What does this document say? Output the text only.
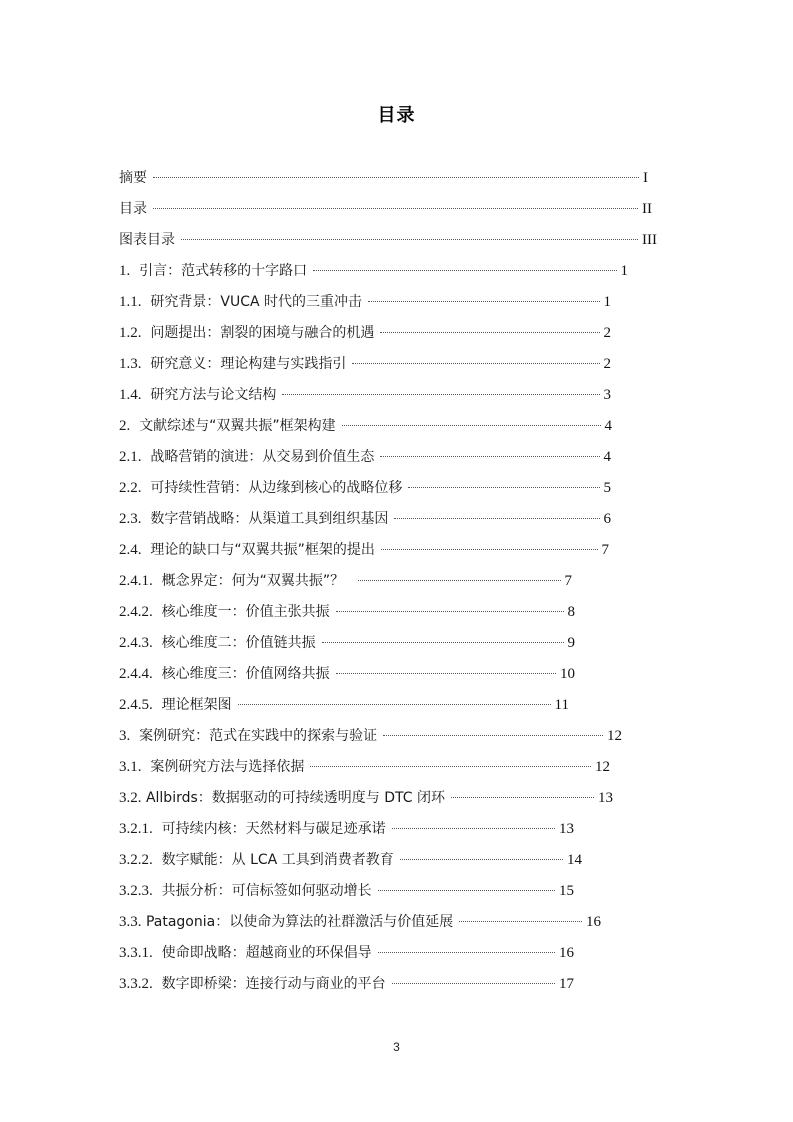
目录
摘要	I
目录	II
图表目录	III
1. 引言：范式转移的十字路口	1
1.1. 研究背景：VUCA 时代的三重冲击	1
1.2. 问题提出：割裂的困境与融合的机遇	2
1.3. 研究意义：理论构建与实践指引	2
1.4. 研究方法与论文结构	3
2. 文献综述与“双翼共振”框架构建	4
2.1. 战略营销的演进：从交易到价值生态	4
2.2. 可持续性营销：从边缘到核心的战略位移	5
2.3. 数字营销战略：从渠道工具到组织基因	6
2.4. 理论的缺口与“双翼共振”框架的提出	7
2.4.1. 概念界定：何为“双翼共振”？	7
2.4.2. 核心维度一：价值主张共振	8
2.4.3. 核心维度二：价值链共振	9
2.4.4. 核心维度三：价值网络共振	10
2.4.5. 理论框架图	11
3. 案例研究：范式在实践中的探索与验证	12
3.1. 案例研究方法与选择依据	12
3.2. Allbirds：数据驱动的可持续透明度与 DTC 闭环	13
3.2.1. 可持续内核：天然材料与碳足迹承诺	13
3.2.2. 数字赋能：从 LCA 工具到消费者教育	14
3.2.3. 共振分析：可信标签如何驱动增长	15
3.3. Patagonia：以使命为算法的社群激活与价值延展	16
3.3.1. 使命即战略：超越商业的环保倡导	16
3.3.2. 数字即桥梁：连接行动与商业的平台	17
3
